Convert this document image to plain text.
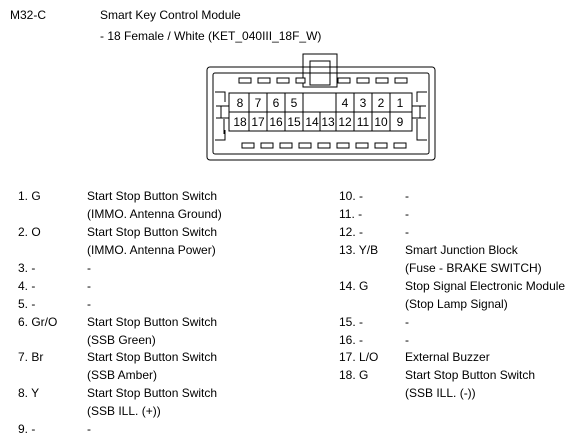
M32-C	Smart Key Control Module
- 18 Female / White (KET_040III_18F_W)
8 7 6 5	4 3 2 1
18 17 16 15 14 13 12 11 10 9
1. G	Start Stop Button Switch
(IMMO. Antenna Ground)
2. O	Start Stop Button Switch
(IMMO. Antenna Power)
3. -	-
4. -	-
5. -	-
6. Gr/O Start Stop Button Switch
(SSB Green)
7. Br	Start Stop Button Switch
(SSB Amber)
8. Y	Start Stop Button Switch
(SSB ILL. (+))
9. -	-
10. -	-
11. -	-
12. -	-
13. Y/B Smart Junction Block
(Fuse - BRAKE SWITCH)
14. G	Stop Signal Electronic Module
(Stop Lamp Signal)
15. -	-
16. -	-
17. L/O External Buzzer
18. G	Start Stop Button Switch
(SSB ILL. (-))
